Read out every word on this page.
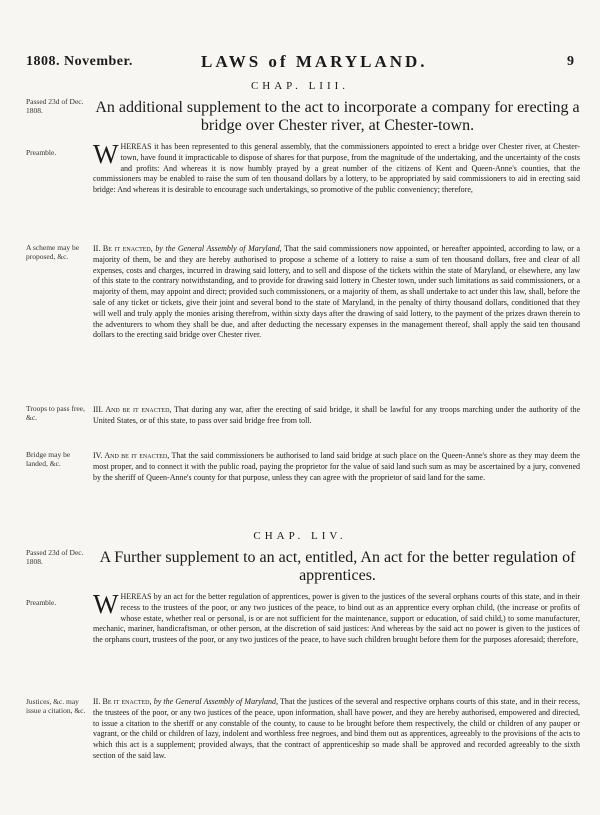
1808. November.	LAWS of MARYLAND.	9
CHAP. LIII.
Passed 23d of Dec. 1808.	An additional supplement to the act to incorporate a company for erecting a bridge over Chester river, at Chester-town.
Preamble.	WHEREAS it has been represented to this general assembly, that the commissioners appointed to erect a bridge over Chester river, at Chester-town, have found it impracticable to dispose of shares for that purpose, from the magnitude of the undertaking, and the uncertainty of the costs and profits: And whereas it is now humbly prayed by a great number of the citizens of Kent and Queen-Anne's counties, that the commissioners may be enabled to raise the sum of ten thousand dollars by a lottery, to be appropriated by said commissioners to aid in erecting said bridge: And whereas it is desirable to encourage such undertakings, so promotive of the public conveniency; therefore,
A scheme may be proposed, &c.
II. Be it enacted, by the General Assembly of Maryland, That the said commissioners now appointed, or hereafter appointed, according to law, or a majority of them, be and they are hereby authorised to propose a scheme of a lottery to raise a sum of ten thousand dollars, free and clear of all expenses, costs and charges, incurred in drawing said lottery, and to sell and dispose of the tickets within the state of Maryland, or elsewhere, any law of this state to the contrary notwithstanding, and to provide for drawing said lottery in Chester town, under such limitations as said commissioners, or a majority of them, may appoint and direct; provided such commissioners, or a majority of them, as shall undertake to act under this law, shall, before the sale of any ticket or tickets, give their joint and several bond to the state of Maryland, in the penalty of thirty thousand dollars, conditioned that they will well and truly apply the monies arising therefrom, within sixty days after the drawing of said lottery, to the payment of the prizes drawn therein to the adventurers to whom they shall be due, and after deducting the necessary expenses in the management thereof, shall apply the said ten thousand dollars to the erecting said bridge over Chester river.
Troops to pass free, &c.
III. And be it enacted, That during any war, after the erecting of said bridge, it shall be lawful for any troops marching under the authority of the United States, or of this state, to pass over said bridge free from toll.
Bridge may be landed, &c.
IV. And be it enacted, That the said commissioners be authorised to land said bridge at such place on the Queen-Anne's shore as they may deem the most proper, and to connect it with the public road, paying the proprietor for the value of said land such sum as may be ascertained by a jury, convened by the sheriff of Queen-Anne's county for that purpose, unless they can agree with the proprietor of said land for the same.
CHAP. LIV.
Passed 23d of Dec. 1808.	A Further supplement to an act, entitled, An act for the better regulation of apprentices.
Preamble.	WHEREAS by an act for the better regulation of apprentices, power is given to the justices of the several orphans courts of this state, and in their recess to the trustees of the poor, or any two justices of the peace, to bind out as an apprentice every orphan child, (the increase or profits of whose estate, whether real or personal, is or are not sufficient for the maintenance, support or education, of said child,) to some manufacturer, mechanic, mariner, handicraftsman, or other person, at the discretion of said justices: And whereas by the said act no power is given to the justices of the orphans court, trustees of the poor, or any two justices of the peace, to have such children brought before them for the purposes aforesaid; therefore,
Justices, &c. may issue a citation, &c.
II. Be it enacted, by the General Assembly of Maryland, That the justices of the several and respective orphans courts of this state, and in their recess, the trustees of the poor, or any two justices of the peace, upon information, shall have power, and they are hereby authorised, empowered and directed, to issue a citation to the sheriff or any constable of the county, to cause to be brought before them respectively, the child or children of any pauper or vagrant, or the child or children of lazy, indolent and worthless free negroes, and bind them out as apprentices, agreeably to the provisions of the acts to which this act is a supplement; provided always, that the contract of apprenticeship so made shall be approved and recorded agreeably to the sixth section of the said law.
